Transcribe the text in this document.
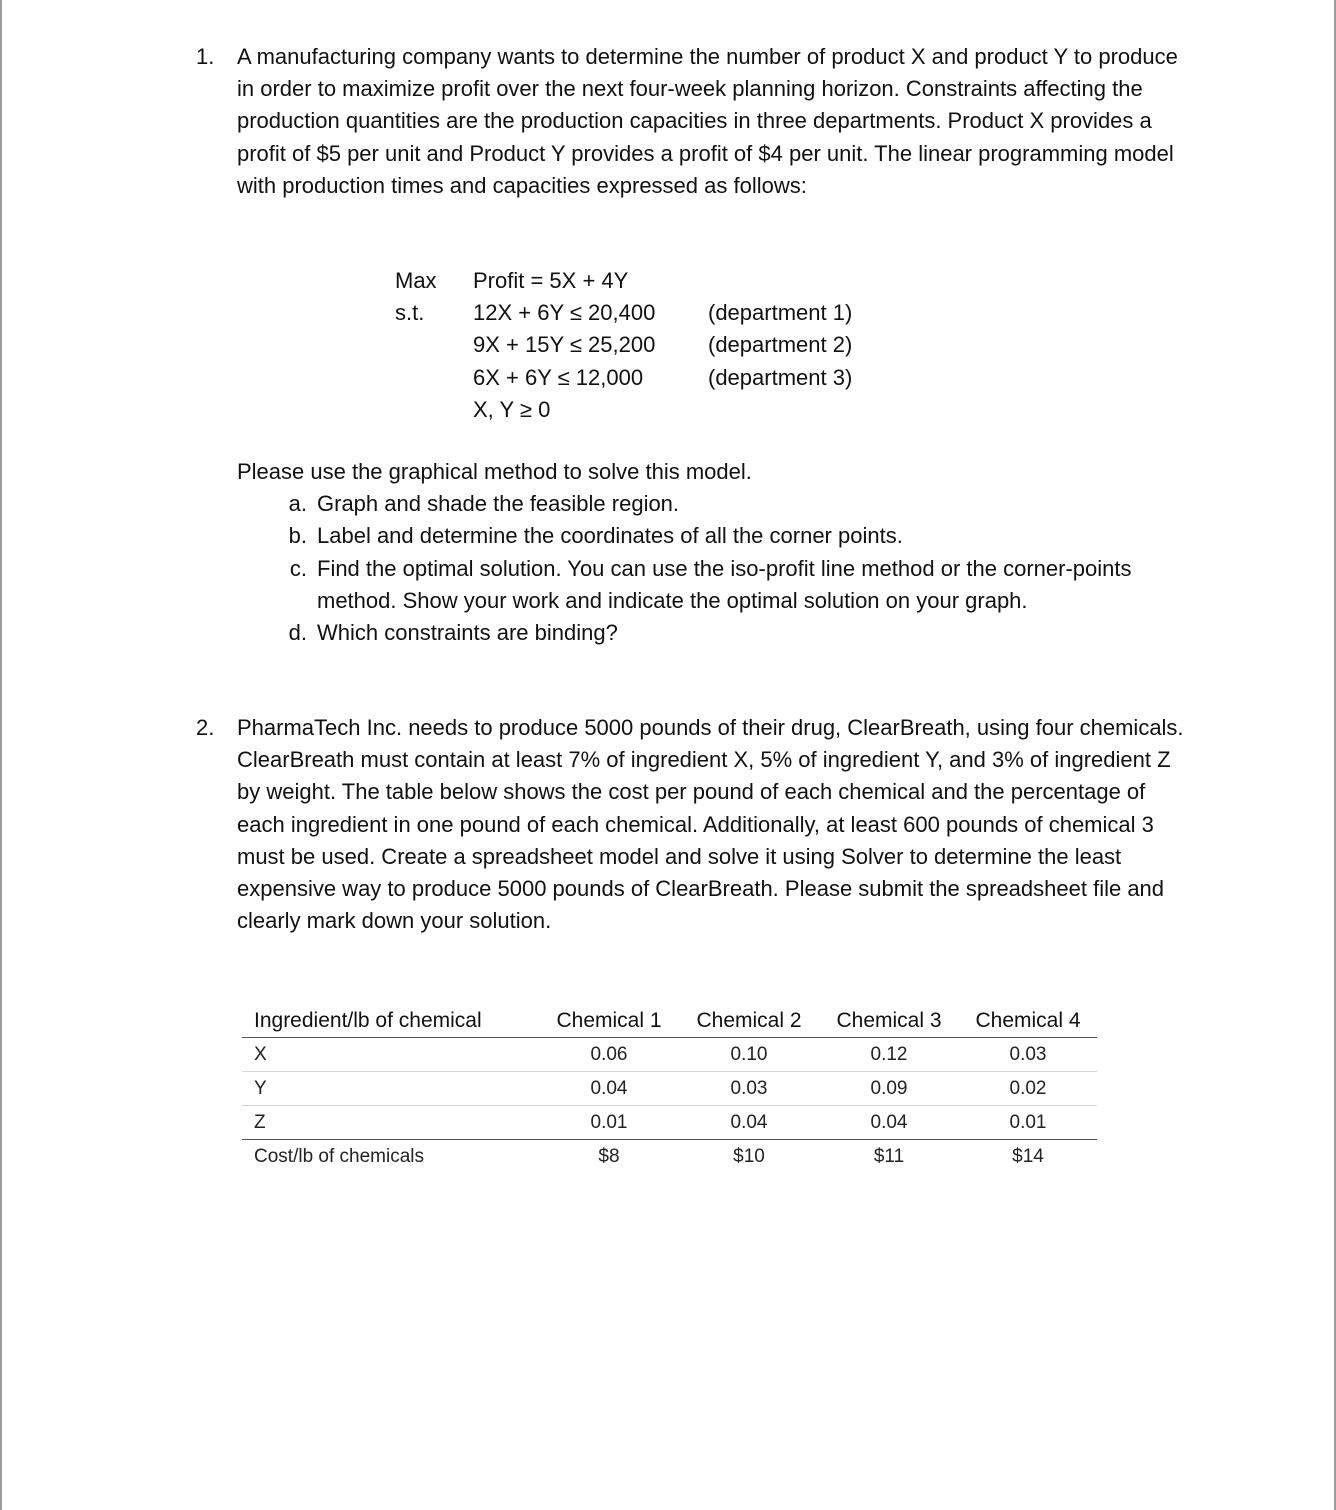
1. A manufacturing company wants to determine the number of product X and product Y to produce in order to maximize profit over the next four-week planning horizon. Constraints affecting the production quantities are the production capacities in three departments. Product X provides a profit of $5 per unit and Product Y provides a profit of $4 per unit. The linear programming model with production times and capacities expressed as follows:
Max Profit = 5X + 4Y
s.t. 12X + 6Y ≤ 20,400 (department 1)
9X + 15Y ≤ 25,200 (department 2)
6X + 6Y ≤ 12,000	(department 3)
X, Y ≥ 0
Please use the graphical method to solve this model.
a. Graph and shade the feasible region.
b. Label and determine the coordinates of all the corner points.
c. Find the optimal solution. You can use the iso-profit line method or the corner-points method. Show your work and indicate the optimal solution on your graph.
d. Which constraints are binding?
2. PharmaTech Inc. needs to produce 5000 pounds of their drug, ClearBreath, using four chemicals. ClearBreath must contain at least 7% of ingredient X, 5% of ingredient Y, and 3% of ingredient Z by weight. The table below shows the cost per pound of each chemical and the percentage of each ingredient in one pound of each chemical. Additionally, at least 600 pounds of chemical 3 must be used. Create a spreadsheet model and solve it using Solver to determine the least expensive way to produce 5000 pounds of ClearBreath. Please submit the spreadsheet file and clearly mark down your solution.
Ingredient/lb of chemical	Chemical 1	Chemical 2	Chemical 3	Chemical 4
X	0.06	0.10	0.12	0.03
Y	0.04	0.03	0.09	0.02
Z	0.01	0.04	0.04	0.01
Cost/lb of chemicals	$8	$10	$11	$14
